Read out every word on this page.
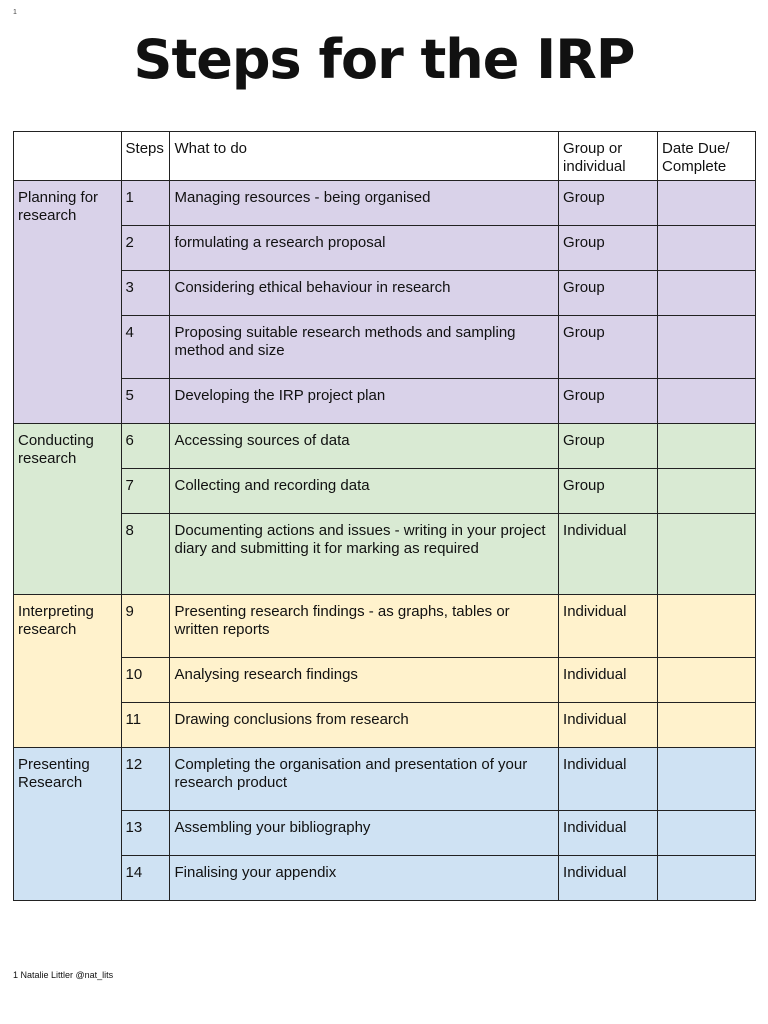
1
Steps for the IRP
	Steps	What to do	Group or individual	Date Due/ Complete
Planning for research	1	Managing resources - being organised	Group	
	2	formulating a research proposal	Group	
	3	Considering ethical behaviour in research	Group	
	4	Proposing suitable research methods and sampling method and size	Group	
	5	Developing the IRP project plan	Group	
Conducting research	6	Accessing sources of data	Group	
	7	Collecting and recording data	Group	
	8	Documenting actions and issues - writing in your project diary and submitting it for marking as required	Individual	
Interpreting research	9	Presenting research findings - as graphs, tables or written reports	Individual	
	10	Analysing research findings	Individual	
	11	Drawing conclusions from research	Individual	
Presenting Research	12	Completing the organisation and presentation of your research product	Individual	
	13	Assembling your bibliography	Individual	
	14	Finalising your appendix	Individual	
1 Natalie Littler @nat_lits
